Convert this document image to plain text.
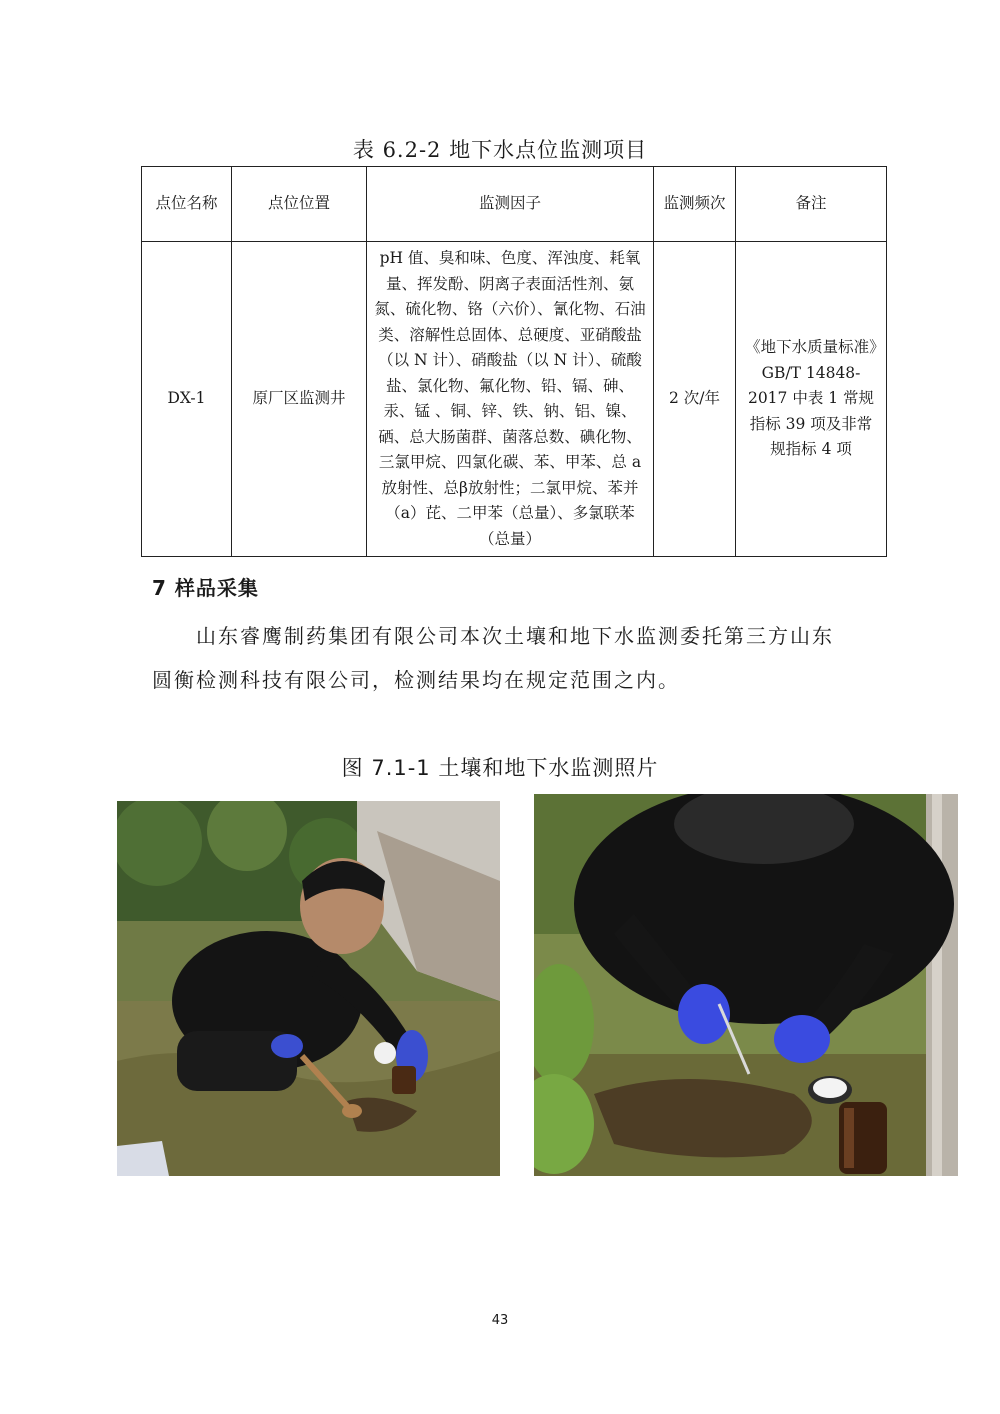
表 6.2-2 地下水点位监测项目
点位名称	点位位置	监测因子	监测频次	备注
DX-1	原厂区监测井	pH 值、臭和味、色度、浑浊度、耗氧量、挥发酚、阴离子表面活性剂、氨氮、硫化物、铬（六价）、氰化物、石油类、溶解性总固体、总硬度、亚硝酸盐（以 N 计）、硝酸盐（以 N 计）、硫酸盐、氯化物、氟化物、铅、镉、砷、汞、锰 、铜、锌、铁、钠、铝、镍、硒、总大肠菌群、菌落总数、碘化物、三氯甲烷、四氯化碳、苯、甲苯、总 a 放射性、总β放射性；二氯甲烷、苯并（a）芘、二甲苯（总量）、多氯联苯（总量）	2 次/年	《地下水质量标准》GB/T 14848-2017 中表 1 常规指标 39 项及非常规指标 4 项
7 样品采集
山东睿鹰制药集团有限公司本次土壤和地下水监测委托第三方山东圆衡检测科技有限公司，检测结果均在规定范围之内。
图 7.1-1 土壤和地下水监测照片
43
